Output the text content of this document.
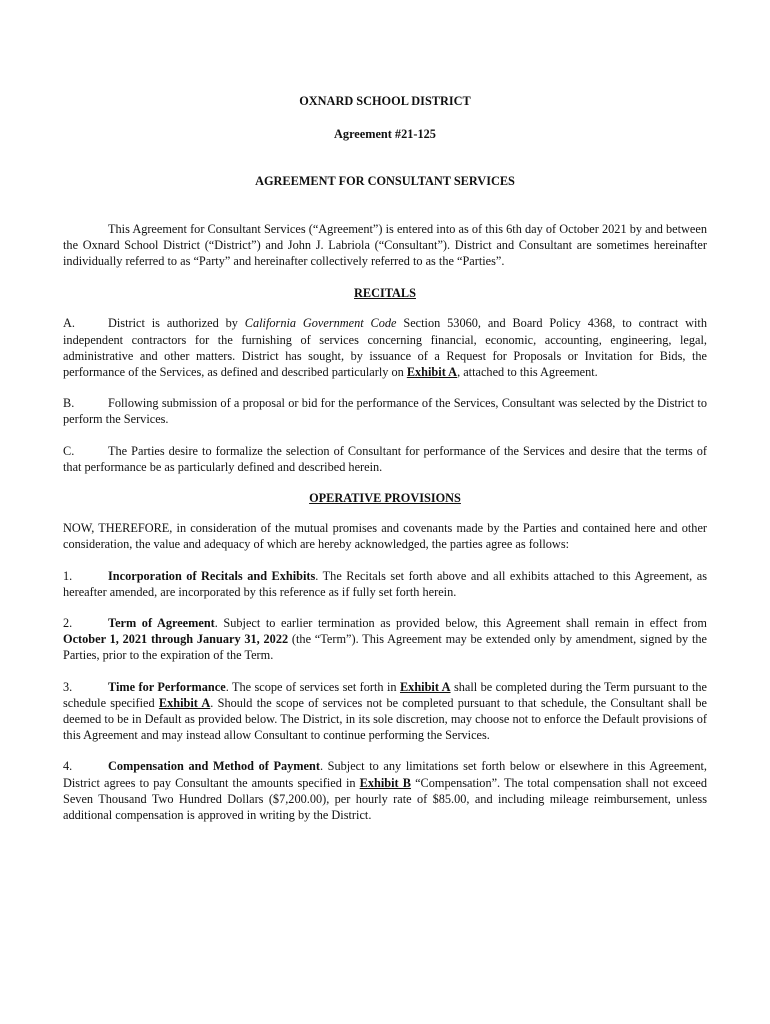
OXNARD SCHOOL DISTRICT
Agreement #21-125
AGREEMENT FOR CONSULTANT SERVICES

This Agreement for Consultant Services (“Agreement”) is entered into as of this 6th day of October 2021 by and between the Oxnard School District (“District”) and John J. Labriola (“Consultant”). District and Consultant are sometimes hereinafter individually referred to as “Party” and hereinafter collectively referred to as the “Parties”.

RECITALS

A.	District is authorized by California Government Code Section 53060, and Board Policy 4368, to contract with independent contractors for the furnishing of services concerning financial, economic, accounting, engineering, legal, administrative and other matters. District has sought, by issuance of a Request for Proposals or Invitation for Bids, the performance of the Services, as defined and described particularly on Exhibit A, attached to this Agreement.

B.	Following submission of a proposal or bid for the performance of the Services, Consultant was selected by the District to perform the Services.

C.	The Parties desire to formalize the selection of Consultant for performance of the Services and desire that the terms of that performance be as particularly defined and described herein.

OPERATIVE PROVISIONS

NOW, THEREFORE, in consideration of the mutual promises and covenants made by the Parties and contained here and other consideration, the value and adequacy of which are hereby acknowledged, the parties agree as follows:

1.	Incorporation of Recitals and Exhibits. The Recitals set forth above and all exhibits attached to this Agreement, as hereafter amended, are incorporated by this reference as if fully set forth herein.

2.	Term of Agreement. Subject to earlier termination as provided below, this Agreement shall remain in effect from October 1, 2021 through January 31, 2022 (the “Term”). This Agreement may be extended only by amendment, signed by the Parties, prior to the expiration of the Term.

3.	Time for Performance. The scope of services set forth in Exhibit A shall be completed during the Term pursuant to the schedule specified Exhibit A. Should the scope of services not be completed pursuant to that schedule, the Consultant shall be deemed to be in Default as provided below. The District, in its sole discretion, may choose not to enforce the Default provisions of this Agreement and may instead allow Consultant to continue performing the Services.

4.	Compensation and Method of Payment. Subject to any limitations set forth below or elsewhere in this Agreement, District agrees to pay Consultant the amounts specified in Exhibit B “Compensation”. The total compensation shall not exceed Seven Thousand Two Hundred Dollars ($7,200.00), per hourly rate of $85.00, and including mileage reimbursement, unless additional compensation is approved in writing by the District.
